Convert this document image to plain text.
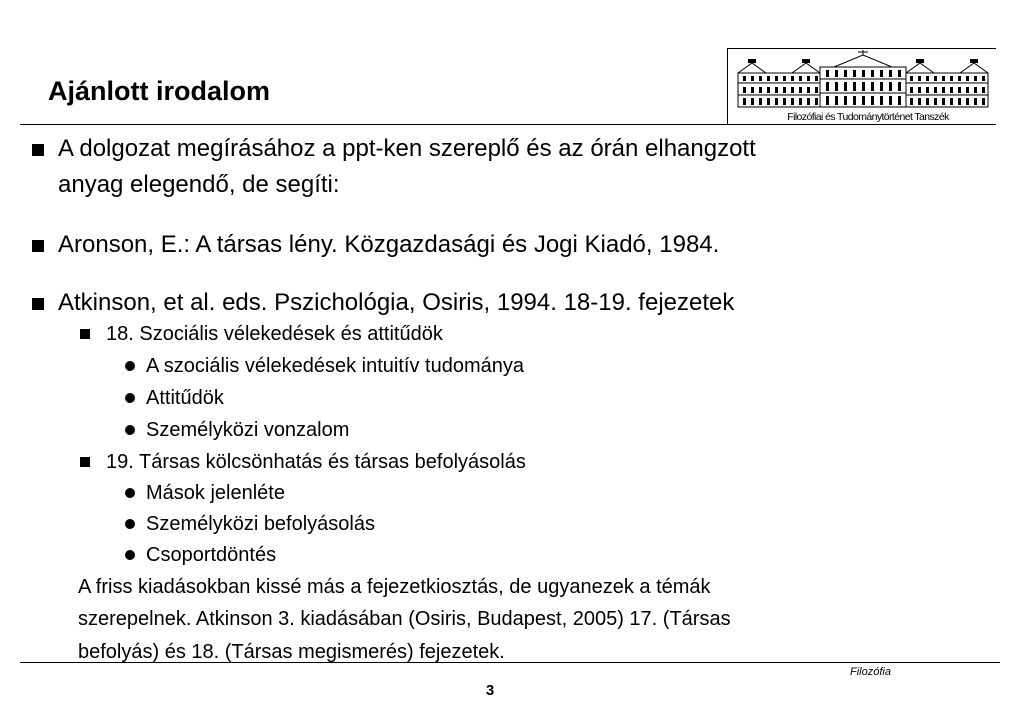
Ajánlott irodalom
Filozófiai és Tudománytörténet Tanszék
A dolgozat megírásához a ppt-ken szereplő és az órán elhangzott
anyag elegendő, de segíti:
Aronson, E.: A társas lény. Közgazdasági és Jogi Kiadó, 1984.
Atkinson, et al. eds. Pszichológia, Osiris, 1994. 18-19. fejezetek
18. Szociális vélekedések és attitűdök
A szociális vélekedések intuitív tudománya
Attitűdök
Személyközi vonzalom
19. Társas kölcsönhatás és társas befolyásolás
Mások jelenléte
Személyközi befolyásolás
Csoportdöntés
A friss kiadásokban kissé más a fejezetkiosztás, de ugyanezek a témák
szerepelnek. Atkinson 3. kiadásában (Osiris, Budapest, 2005) 17. (Társas
befolyás) és 18. (Társas megismerés) fejezetek.
Filozófia
3
